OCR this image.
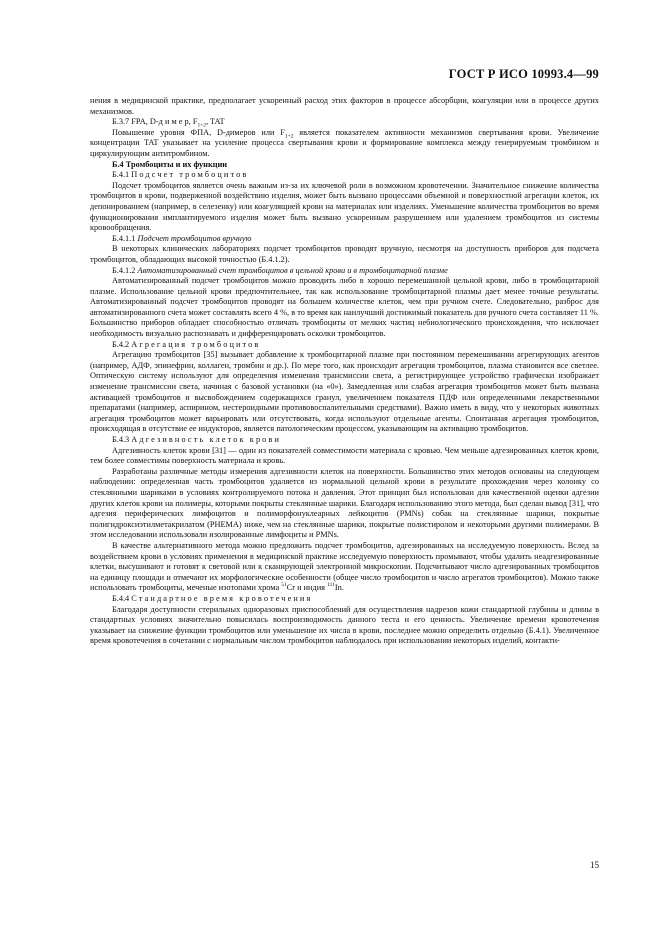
ГОСТ Р ИСО 10993.4—99

нения в медицинской практике, предполагает ускоренный расход этих факторов в процессе абсорбции, коагуляции или в процессе других механизмов.

Б.3.7 FPA, D-д и м е р, $F_{1+2}$, TAT

Повышение уровня ФПА, D-димеров или $F_{1+2}$ является показателем активности механизмов свертывания крови. Увеличение концентрации TAT указывает на усиление процесса свертывания крови и формирование комплекса между генерируемым тромбином и циркулирующим антитромбином.

Б.4 Тромбоциты и их функции

Б.4.1 Подсчет тромбоцитов

Подсчет тромбоцитов является очень важным из-за их ключевой роли в возможном кровотечении. Значительное снижение количества тромбоцитов в крови, подверженной воздействию изделия, может быть вызвано процессами объемной и поверхностной агрегации клеток, их депонированием (например, в селезенку) или коагулящией крови на материалах или изделиях. Уменьшение количества тромбоцитов во время функционирования имплантируемого изделия может быть вызвано ускоренным разрушением или удалением тромбоцитов из системы кровообращения.

Б.4.1.1 Подсчет тромбоцитов вручную

В некоторых клинических лабораториях подсчет тромбоцитов проводят вручную, несмотря на доступность приборов для подсчета тромбоцитов, обладающих высокой точностью (Б.4.1.2).

Б.4.1.2 Автоматизированный счет тромбоцитов в цельной крови и в тромбоцитарной плазме

Автоматизированный подсчет тромбоцитов можно проводить либо в хорошо перемешанной цельной крови, либо в тромбоцитарной плазме. Использование цельной крови предпочтительнее, так как использование тромбоцитарной плазмы дает менее точные результаты. Автоматизированный подсчет тромбоцитов проводят на большем количестве клеток, чем при ручном счете. Следовательно, разброс для автоматизированного счета может составлять всего 4 %, в то время как наилучший достижимый показатель для ручного счета составляет 11 %. Большинство приборов обладает способностью отличать тромбоциты от мелких частиц небиологического происхождения, что исключает необходимость визуально распознавать и дифференцировать осколки тромбоцитов.

Б.4.2 Агрегация тромбоцитов

Агрегацию тромбоцитов [35] вызывает добавление к тромбоцитарной плазме при постоянном перемешивании агрегирующих агентов (например, АДФ, эпинефрин, коллаген, тромбин и др.). По мере того, как происходит агрегация тромбоцитов, плазма становится все светлее. Оптическую систему используют для определения изменения трансмиссии света, а регистрирующее устройство графически изображает изменение трансмиссии света, начиная с базовой установки (на «0»). Замедленная или слабая агрегация тромбоцитов может быть вызвана активацией тромбоцитов и высвобождением содержащихся гранул, увеличением показателя ПДФ или определенными лекарственными препаратами (например, аспирином, нестероидными противовоспалительными средствами). Важно иметь в виду, что у некоторых животных агрегация тромбоцитов может варьировать или отсутствовать, когда используют отдельные агенты. Спонтанная агрегация тромбоцитов, происходящая в отсутствие ее индукторов, является патологическим процессом, указывающим на активацию тромбоцитов.

Б.4.3 Адгезивность клеток крови

Адгезивность клеток крови [31] — один из показателей совместимости материала с кровью. Чем меньше адгезированных клеток крови, тем более совместимы поверхность материала и кровь.

Разработаны различные методы измерения адгезивности клеток на поверхности. Большинство этих методов основаны на следующем наблюдении: определенная часть тромбоцитов удаляется из нормальной цельной крови в результате прохождения через колонку со стеклянными шариками в условиях контролируемого потока и давления. Этот принцип был использован для качественной оценки адгезии других клеток крови на полимеры, которыми покрыты стеклянные шарики. Благодаря использованию этого метода, был сделан вывод [31], что адгезия периферических лимфоцитов и полиморфонуклеарных лейкоцитов (PMNs) собак на стеклянные шарики, покрытые полигидроксиэтилметакрилатом (PHEMA) ниже, чем на стеклянные шарики, покрытые полистиролом и некоторыми другими полимерами. В этом исследовании использовали изолированные лимфоциты и PMNs.

В качестве альтернативного метода можно предложить подсчет тромбоцитов, адгезированных на исследуемую поверхность. Вслед за воздействием крови в условиях применения в медицинской практике исследуемую поверхность промывают, чтобы удалить неадгезированные клетки, высушивают и готовят к световой или к сканирующей электронной микроскопии. Подсчитывают число адгезированных тромбоцитов на единицу площади и отмечают их морфологические особенности (общее число тромбоцитов и число агрегатов тромбоцитов). Можно также использовать тромбоциты, меченые изотопами хрома $^{51}$Cr и индия $^{111}$In.

Б.4.4 Стандартное время кровотечения

Благодаря доступности стерильных одноразовых приспособлений для осуществления надрезов кожи стандартной глубины и длины в стандартных условиях значительно повысилась воспроизводимость данного теста и его ценность. Увеличение времени кровотечения указывает на снижение функции тромбоцитов или уменьшение их числа в крови, последнее можно определить отдельно (Б.4.1). Увеличенное время кровотечения в сочетании с нормальным числом тромбоцитов наблюдалось при использовании некоторых изделий, контакти-

15
